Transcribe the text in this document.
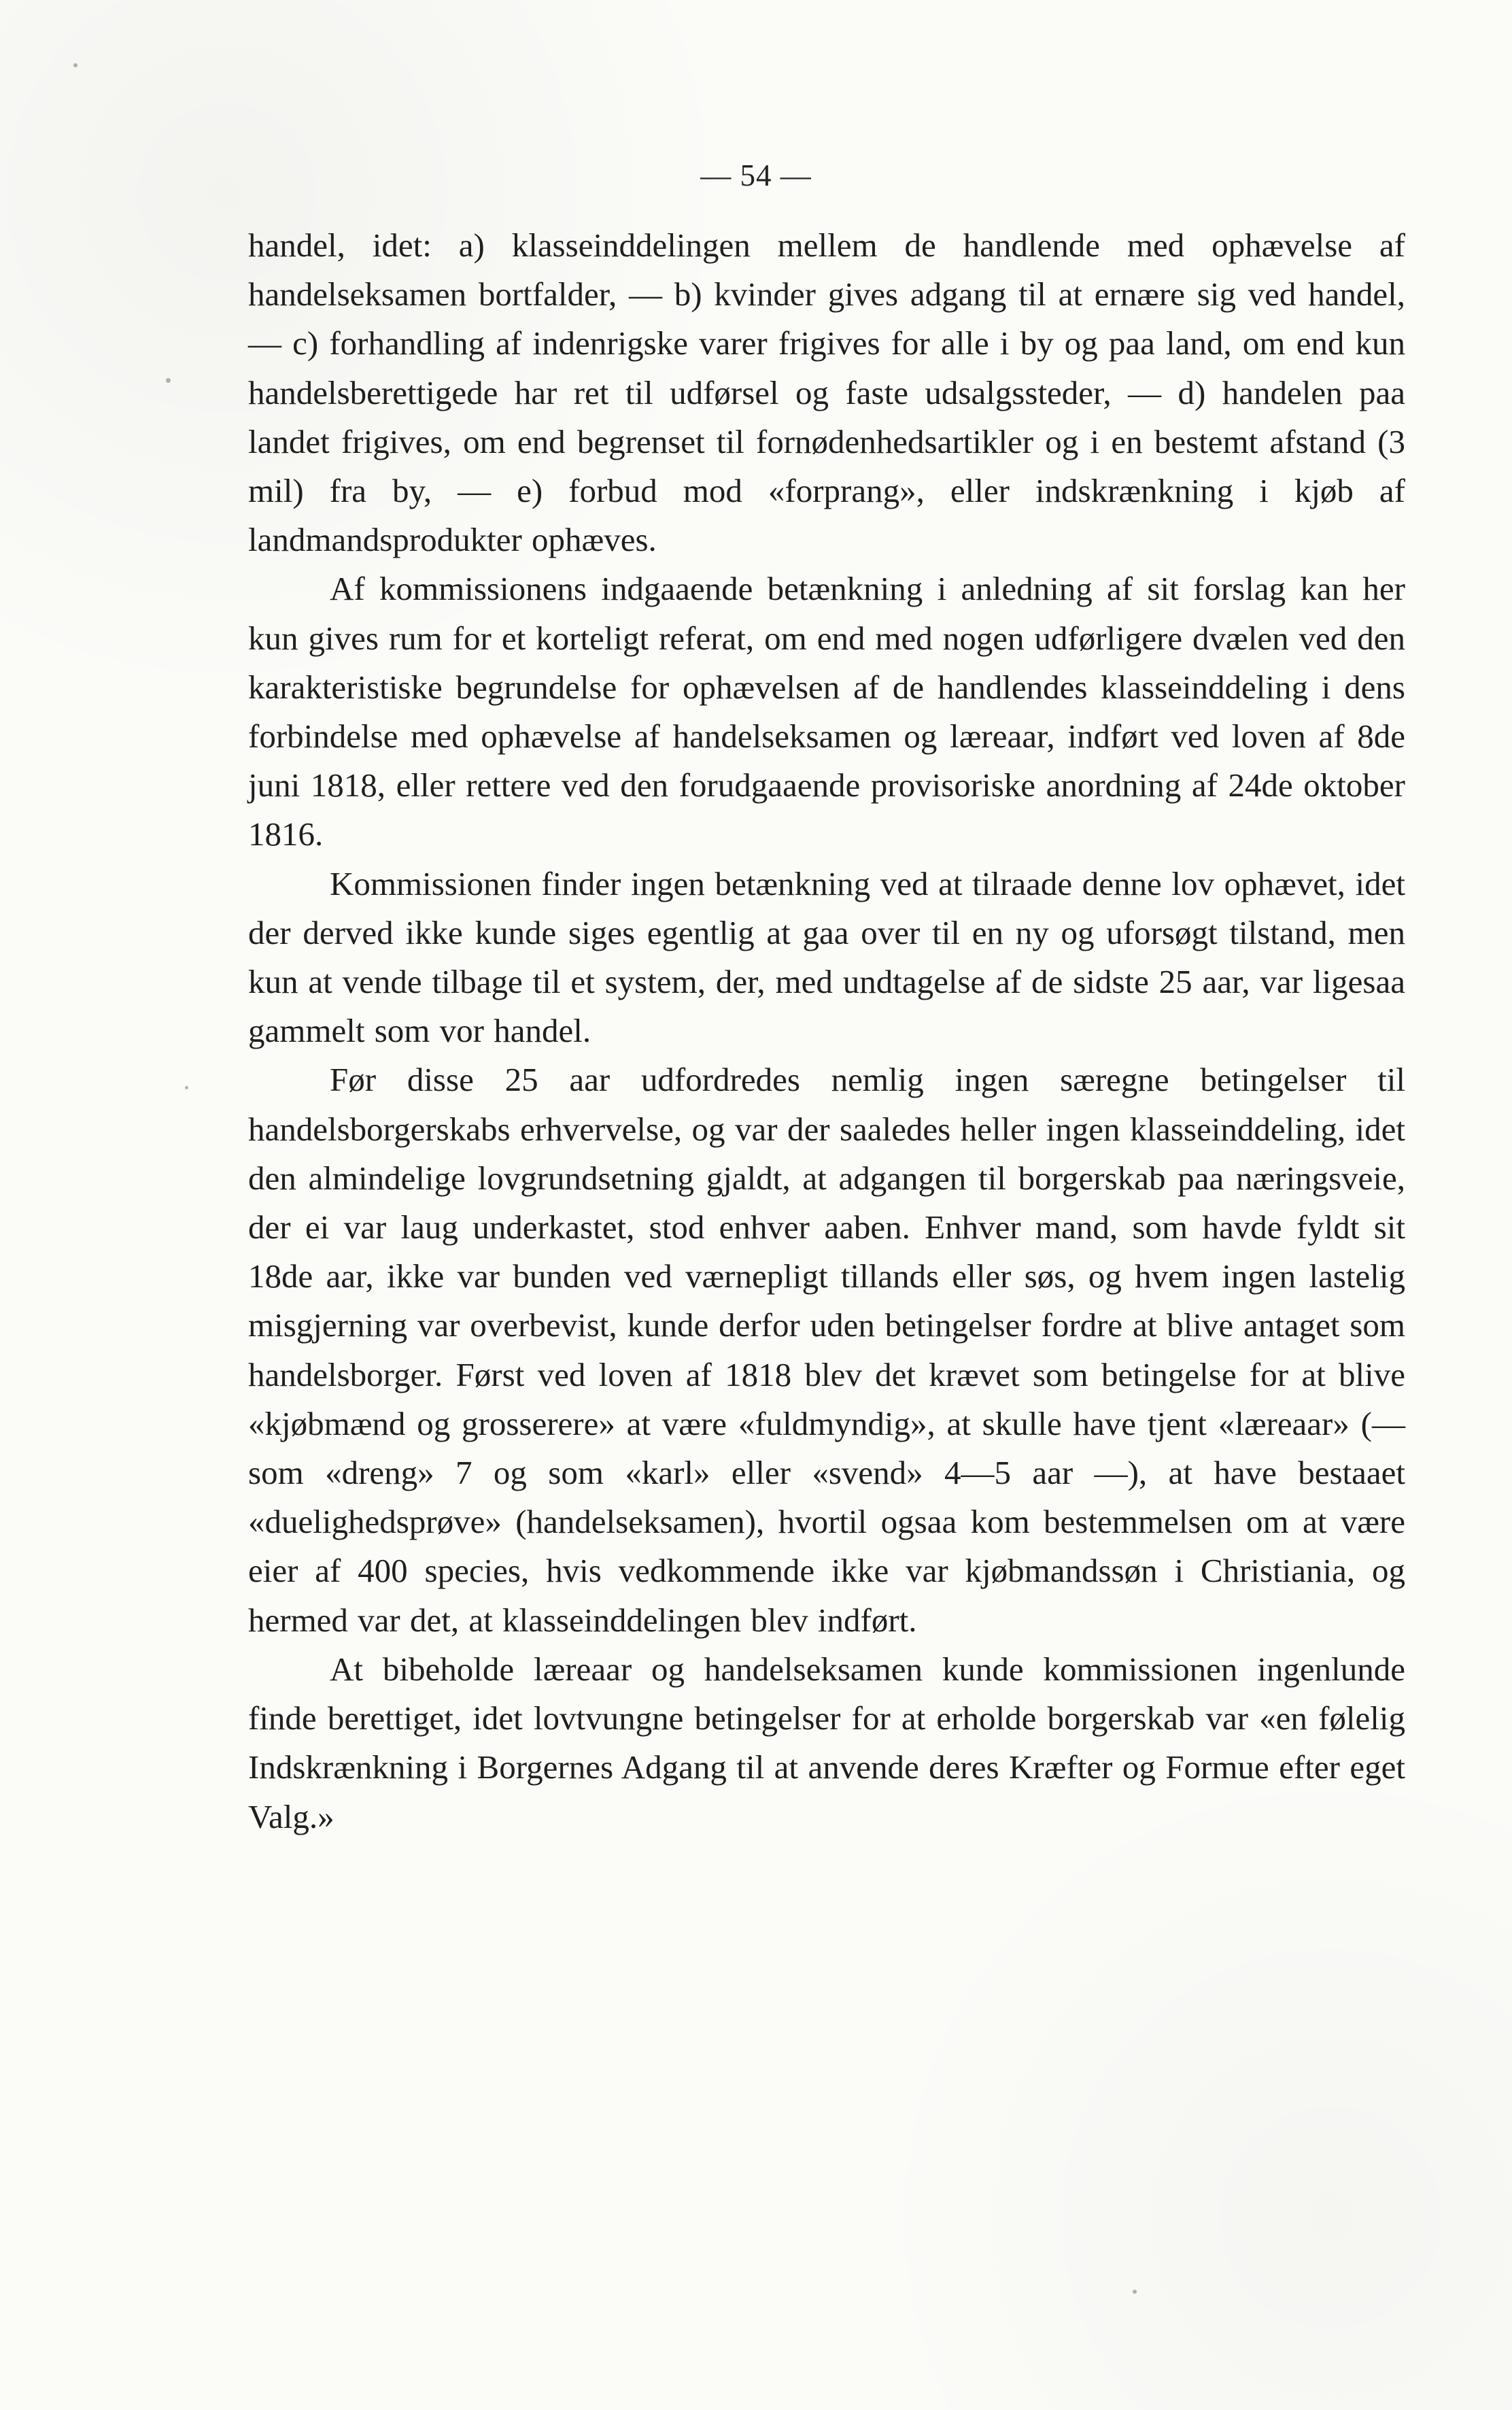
— 54 —

handel, idet: a) klasseinddelingen mellem de handlende med ophævelse af handelseksamen bortfalder, — b) kvinder gives adgang til at ernære sig ved handel, — c) forhandling af indenrigske varer frigives for alle i by og paa land, om end kun handelsberettigede har ret til udførsel og faste udsalgssteder, — d) handelen paa landet frigives, om end begrenset til fornødenhedsartikler og i en bestemt afstand (3 mil) fra by, — e) forbud mod «forprang», eller indskrænkning i kjøb af landmandsprodukter ophæves.

Af kommissionens indgaaende betænkning i anledning af sit forslag kan her kun gives rum for et korteligt referat, om end med nogen udførligere dvælen ved den karakteristiske begrundelse for ophævelsen af de handlendes klasseinddeling i dens forbindelse med ophævelse af handelseksamen og læreaar, indført ved loven af 8de juni 1818, eller rettere ved den forudgaaende provisoriske anordning af 24de oktober 1816.

Kommissionen finder ingen betænkning ved at tilraade denne lov ophævet, idet der derved ikke kunde siges egentlig at gaa over til en ny og uforsøgt tilstand, men kun at vende tilbage til et system, der, med undtagelse af de sidste 25 aar, var ligesaa gammelt som vor handel.

Før disse 25 aar udfordredes nemlig ingen særegne betingelser til handelsborgerskabs erhvervelse, og var der saaledes heller ingen klasseinddeling, idet den almindelige lovgrundsetning gjaldt, at adgangen til borgerskab paa næringsveie, der ei var laug underkastet, stod enhver aaben. Enhver mand, som havde fyldt sit 18de aar, ikke var bunden ved værnepligt tillands eller søs, og hvem ingen lastelig misgjerning var overbevist, kunde derfor uden betingelser fordre at blive antaget som handelsborger. Først ved loven af 1818 blev det krævet som betingelse for at blive «kjøbmænd og grosserere» at være «fuldmyndig», at skulle have tjent «læreaar» (— som «dreng» 7 og som «karl» eller «svend» 4—5 aar —), at have bestaaet «duelighedsprøve» (handelseksamen), hvortil ogsaa kom bestemmelsen om at være eier af 400 species, hvis vedkommende ikke var kjøbmandssøn i Christiania, og hermed var det, at klasseinddelingen blev indført.

At bibeholde læreaar og handelseksamen kunde kommissionen ingenlunde finde berettiget, idet lovtvungne betingelser for at erholde borgerskab var «en følelig Indskrænkning i Borgernes Adgang til at anvende deres Kræfter og Formue efter eget Valg.»
